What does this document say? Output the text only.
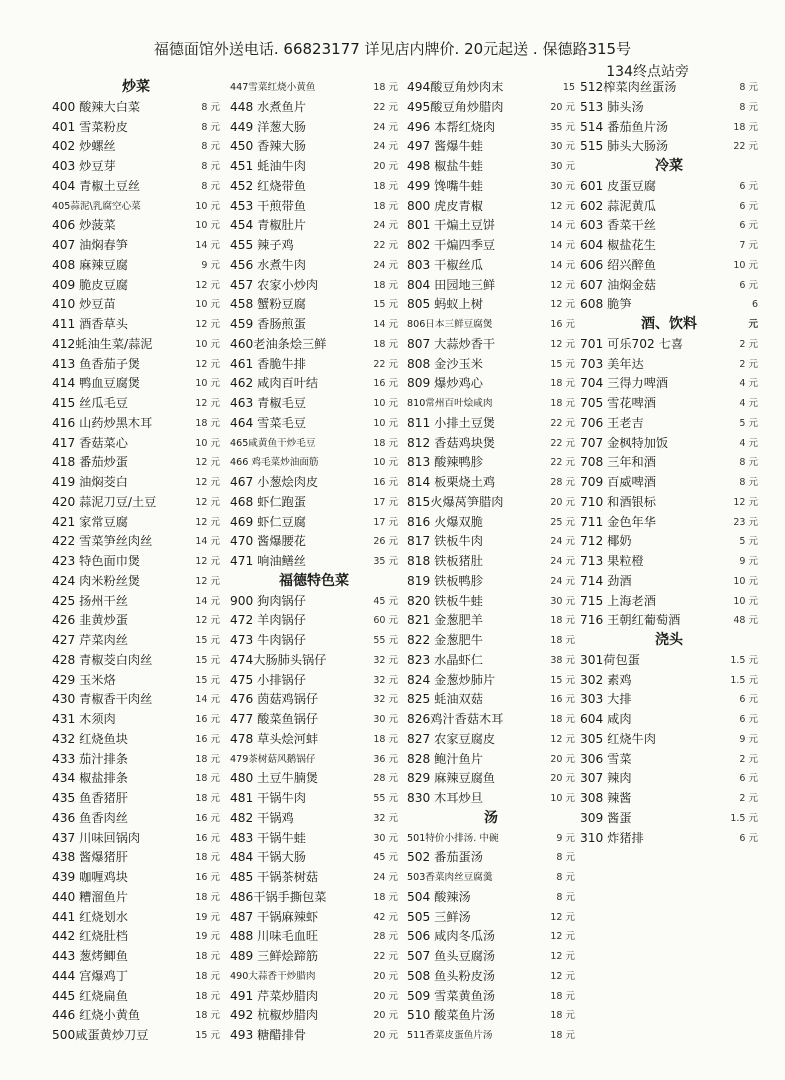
福德面馆外送电话. 66823177 详见店内牌价. 20元起送 . 保德路315号
134终点站旁
炒菜
400 酸辣大白菜	8 元
401 雪菜粉皮	8 元
402 炒螺丝	8 元
403 炒豆芽	8 元
404 青椒土豆丝	8 元
405蒜泥\乳腐空心菜	10 元
406 炒菠菜	10 元
407 油焖春笋	14 元
408 麻辣豆腐	9 元
409 脆皮豆腐	12 元
410 炒豆苗	10 元
411 酒香草头	12 元
412蚝油生菜/蒜泥	10 元
413 鱼香茄子煲	12 元
414 鸭血豆腐煲	10 元
415 丝瓜毛豆	12 元
416 山药炒黑木耳	18 元
417 香菇菜心	10 元
418 番茄炒蛋	12 元
419 油焖茭白	12 元
420 蒜泥刀豆/土豆	12 元
421 家常豆腐	12 元
422 雪菜笋丝肉丝	14 元
423 特色面巾煲	12 元
424 肉米粉丝煲	12 元
425 扬州干丝	14 元
426 韭黄炒蛋	12 元
427 芹菜肉丝	15 元
428 青椒茭白肉丝	15 元
429 玉米烙	15 元
430 青椒香干肉丝	14 元
431 木须肉	16 元
432 红烧鱼块	16 元
433 茄汁排条	18 元
434 椒盐排条	18 元
435 鱼香猪肝	18 元
436 鱼香肉丝	16 元
437 川味回锅肉	16 元
438 酱爆猪肝	18 元
439 咖喱鸡块	16 元
440 糟溜鱼片	18 元
441 红烧划水	19 元
442 红烧肚档	19 元
443 葱烤鲫鱼	18 元
444 宫爆鸡丁	18 元
445 红烧扁鱼	18 元
446 红烧小黄鱼	18 元
500咸蛋黄炒刀豆	15 元
447雪菜红烧小黄鱼	18 元
448 水煮鱼片	22 元
449 洋葱大肠	24 元
450 香辣大肠	24 元
451 蚝油牛肉	20 元
452 红烧带鱼	18 元
453 干煎带鱼	18 元
454 青椒肚片	24 元
455 辣子鸡	22 元
456 水煮牛肉	24 元
457 农家小炒肉	18 元
458 蟹粉豆腐	15 元
459 香肠煎蛋	14 元
460老油条烩三鲜	18 元
461 香脆牛排	22 元
462 咸肉百叶结	16 元
463 青椒毛豆	10 元
464 雪菜毛豆	10 元
465咸黄鱼干炒毛豆	18 元
466 鸡毛菜炒油面筋	10 元
467 小葱烩肉皮	16 元
468 虾仁跑蛋	17 元
469 虾仁豆腐	17 元
470 酱爆腰花	26 元
471 响油鳝丝	35 元
福德特色菜
900 狗肉锅仔	45 元
472 羊肉锅仔	60 元
473 牛肉锅仔	55 元
474大肠肺头锅仔	32 元
475 小排锅仔	32 元
476 茵菇鸡锅仔	32 元
477 酸菜鱼锅仔	30 元
478 草头烩河蚌	18 元
479茶树菇风鹅锅仔	36 元
480 土豆牛腩煲	28 元
481 干锅牛肉	55 元
482 干锅鸡	32 元
483 干锅牛蛙	30 元
484 干锅大肠	45 元
485 干锅茶树菇	24 元
486干锅手撕包菜	18 元
487 干锅麻辣虾	42 元
488 川味毛血旺	28 元
489 三鲜烩蹄筋	22 元
490大蒜香干炒腊肉	20 元
491 芹菜炒腊肉	20 元
492 杭椒炒腊肉	20 元
493 糖醋排骨	20 元
494酸豆角炒肉末	15
495酸豆角炒腊肉	20 元
496 本帮红烧肉	35 元
497 酱爆牛蛙	30 元
498 椒盐牛蛙	30 元
499 馋嘴牛蛙	30 元
800 虎皮青椒	12 元
801 干煸土豆饼	14 元
802 干煸四季豆	14 元
803 干椒丝瓜	14 元
804 田园地三鲜	12 元
805 蚂蚁上树	12 元
806日本三鲜豆腐煲	16 元
807 大蒜炒香干	12 元
808 金沙玉米	15 元
809 爆炒鸡心	18 元
810常州百叶烩咸肉	18 元
811 小排土豆煲	22 元
812 香菇鸡块煲	22 元
813 酸辣鸭胗	22 元
814 板栗烧土鸡	28 元
815火爆莴笋腊肉	20 元
816 火爆双脆	25 元
817 铁板牛肉	24 元
818 铁板猪肚	24 元
819 铁板鸭胗	24 元
820 铁板牛蛙	30 元
821 金葱肥羊	18 元
822 金葱肥牛	18 元
823 水晶虾仁	38 元
824 金葱炒肺片	15 元
825 蚝油双菇	16 元
826鸡汁香菇木耳	18 元
827 农家豆腐皮	12 元
828 鲍汁鱼片	20 元
829 麻辣豆腐鱼	20 元
830 木耳炒旦	10 元
汤
501特价小排汤. 中碗	9 元
502 番茄蛋汤	8 元
503香菜肉丝豆腐羹	8 元
504 酸辣汤	8 元
505 三鲜汤	12 元
506 咸肉冬瓜汤	12 元
507 鱼头豆腐汤	12 元
508 鱼头粉皮汤	12 元
509 雪菜黄鱼汤	18 元
510 酸菜鱼片汤	18 元
511香菜皮蛋鱼片汤	18 元
512榨菜肉丝蛋汤	8 元
513 肺头汤	8 元
514 番茄鱼片汤	18 元
515 肺头大肠汤	22 元
冷菜
601 皮蛋豆腐	6 元
602 蒜泥黄瓜	6 元
603 香菜干丝	6 元
604 椒盐花生	7 元
606 绍兴醉鱼	10 元
607 油焖金菇	6 元
608 脆笋	6
酒、饮料	元
701 可乐702 七喜	2 元
703 美年达	2 元
704 三得力啤酒	4 元
705 雪花啤酒	4 元
706 王老吉	5 元
707 金枫特加饭	4 元
708 三年和酒	8 元
709 百威啤酒	8 元
710 和酒银标	12 元
711 金色年华	23 元
712 椰奶	5 元
713 果粒橙	9 元
714 劲酒	10 元
715 上海老酒	10 元
716 王朝红葡萄酒	48 元
浇头
301荷包蛋	1.5 元
302 素鸡	1.5 元
303 大排	6 元
604 咸肉	6 元
305 红烧牛肉	9 元
306 雪菜	2 元
307 辣肉	6 元
308 辣酱	2 元
309 酱蛋	1.5 元
310 炸猪排	6 元
